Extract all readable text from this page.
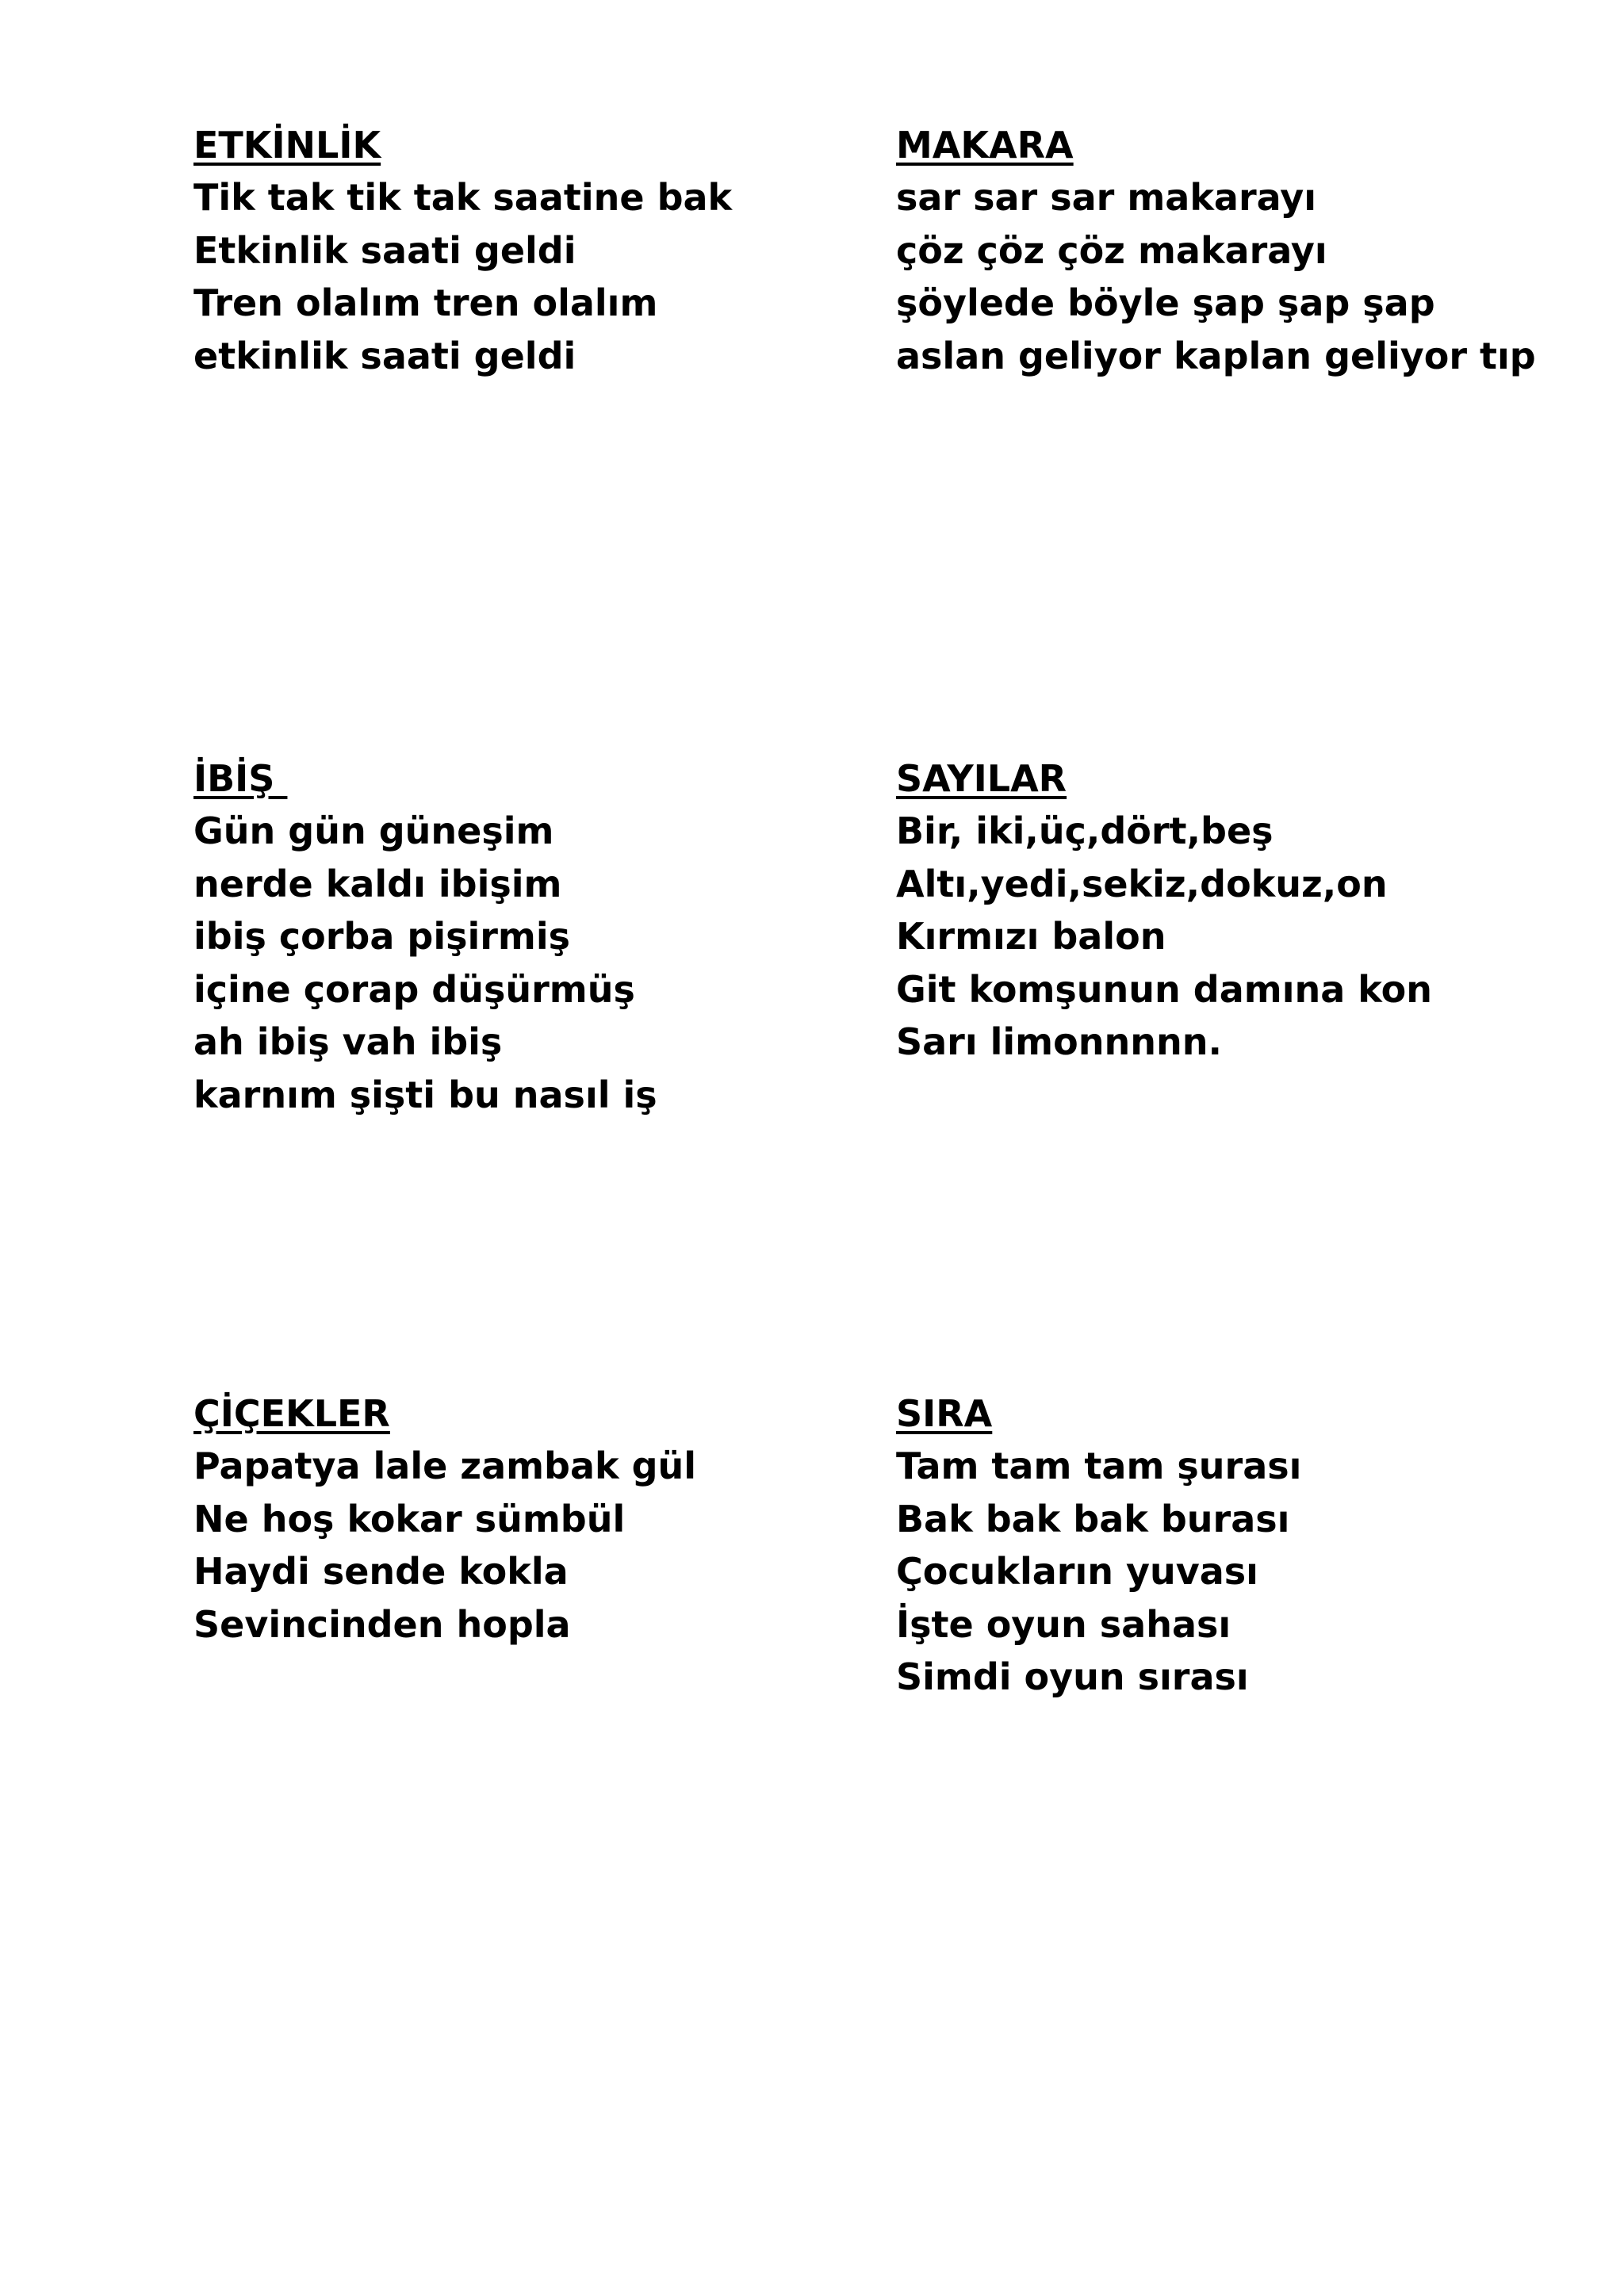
ETKİNLİK
Tik tak tik tak saatine bak
Etkinlik saati geldi
Tren olalım tren olalım
etkinlik saati geldi
MAKARA
sar sar sar makarayı
çöz çöz çöz makarayı
şöylede böyle şap şap şap
aslan geliyor kaplan geliyor tıp
İBİŞ
Gün gün güneşim
nerde kaldı ibişim
ibiş çorba pişirmiş
içine çorap düşürmüş
ah ibiş vah ibiş
karnım şişti bu nasıl iş
SAYILAR
Bir, iki,üç,dört,beş
Altı,yedi,sekiz,dokuz,on
Kırmızı balon
Git komşunun damına kon
Sarı limonnnnn.
ÇİÇEKLER
Papatya lale zambak gül
Ne hoş kokar sümbül
Haydi sende kokla
Sevincinden hopla
SIRA
Tam tam tam şurası
Bak bak bak burası
Çocukların yuvası
İşte oyun sahası
Simdi oyun sırası
